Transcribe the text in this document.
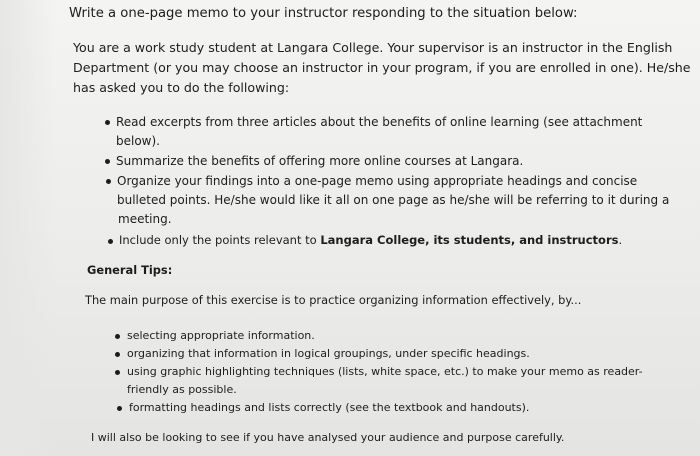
Write a one-page memo to your instructor responding to the situation below:
You are a work study student at Langara College. Your supervisor is an instructor in the English
Department (or you may choose an instructor in your program, if you are enrolled in one). He/she
has asked you to do the following:
Read excerpts from three articles about the benefits of online learning (see attachment
below).
Summarize the benefits of offering more online courses at Langara.
Organize your findings into a one-page memo using appropriate headings and concise
bulleted points. He/she would like it all on one page as he/she will be referring to it during a
meeting.
Include only the points relevant to Langara College, its students, and instructors.
General Tips:
The main purpose of this exercise is to practice organizing information effectively, by...
selecting appropriate information.
organizing that information in logical groupings, under specific headings.
using graphic highlighting techniques (lists, white space, etc.) to make your memo as reader-
friendly as possible.
formatting headings and lists correctly (see the textbook and handouts).
I will also be looking to see if you have analysed your audience and purpose carefully.
